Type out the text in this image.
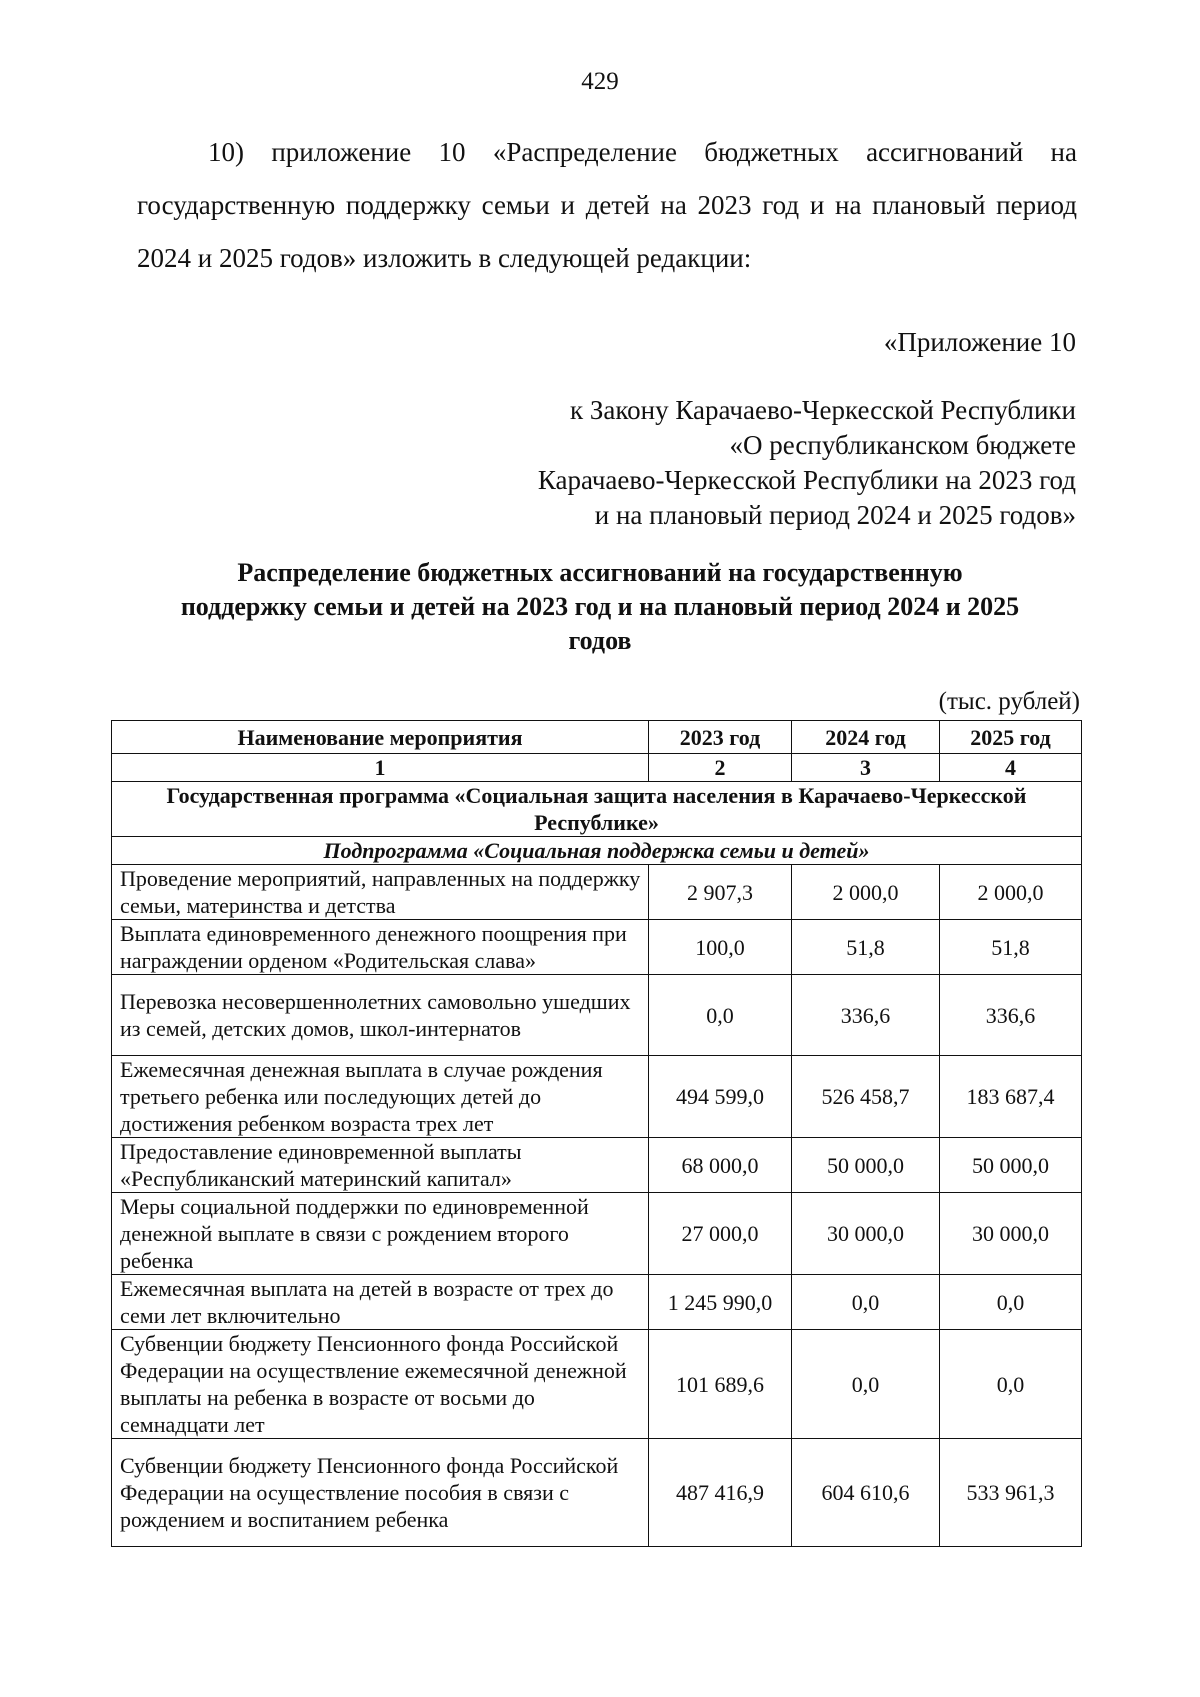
429

10) приложение 10 «Распределение бюджетных ассигнований на государственную поддержку семьи и детей на 2023 год и на плановый период 2024 и 2025 годов» изложить в следующей редакции:

«Приложение 10

к Закону Карачаево-Черкесской Республики
«О республиканском бюджете
Карачаево-Черкесской Республики на 2023 год
и на плановый период 2024 и 2025 годов»

Распределение бюджетных ассигнований на государственную
поддержку семьи и детей на 2023 год и на плановый период 2024 и 2025
годов
(тыс. рублей)
Наименование мероприятия	2023 год	2024 год	2025 год
1	2	3	4
Государственная программа «Социальная защита населения в Карачаево-Черкесской Республике»			
Подпрограмма «Социальная поддержка семьи и детей»			
Проведение мероприятий, направленных на поддержку семьи, материнства и детства	2 907,3	2 000,0	2 000,0
Выплата единовременного денежного поощрения при награждении орденом «Родительская слава»	100,0	51,8	51,8
Перевозка несовершеннолетних самовольно ушедших из семей, детских домов, школ-интернатов	0,0	336,6	336,6
Ежемесячная денежная выплата в случае рождения третьего ребенка или последующих детей до достижения ребенком возраста трех лет	494 599,0	526 458,7	183 687,4
Предоставление единовременной выплаты «Республиканский материнский капитал»	68 000,0	50 000,0	50 000,0
Меры социальной поддержки по единовременной денежной выплате в связи с рождением второго ребенка	27 000,0	30 000,0	30 000,0
Ежемесячная выплата на детей в возрасте от трех до семи лет включительно	1 245 990,0	0,0	0,0
Субвенции бюджету Пенсионного фонда Российской Федерации на осуществление ежемесячной денежной выплаты на ребенка в возрасте от восьми до семнадцати лет	101 689,6	0,0	0,0
Субвенции бюджету Пенсионного фонда Российской Федерации на осуществление пособия в связи с рождением и воспитанием ребенка	487 416,9	604 610,6	533 961,3
